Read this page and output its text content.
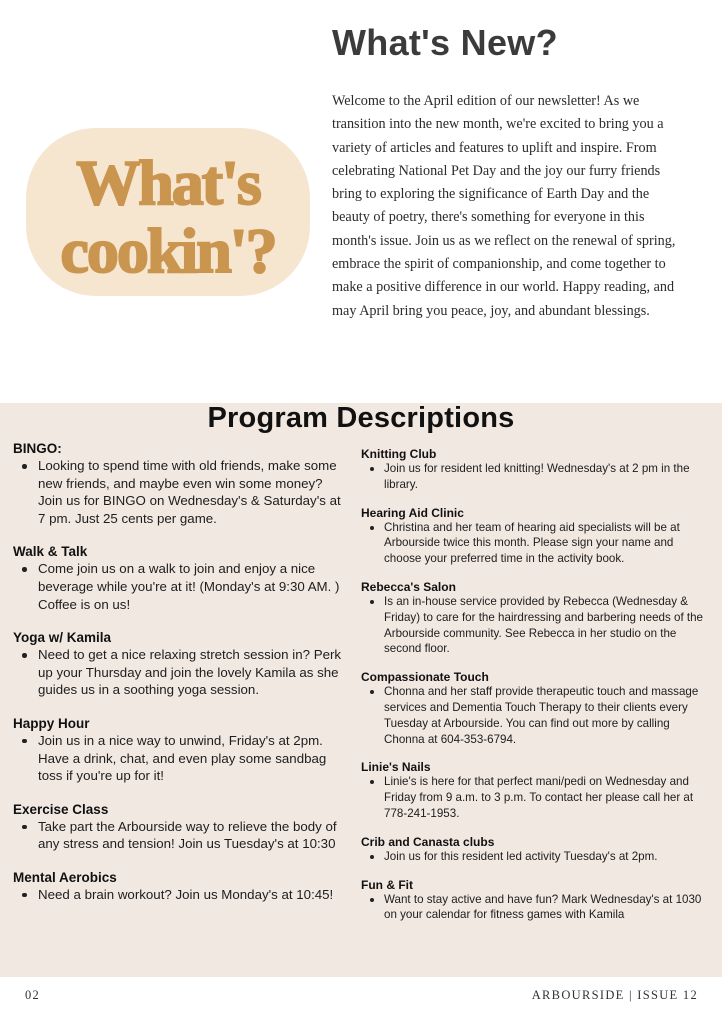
What's
cookin'?
What's New?

Welcome to the April edition of our newsletter! As we transition into the new month, we're excited to bring you a variety of articles and features to uplift and inspire. From celebrating National Pet Day and the joy our furry friends bring to exploring the significance of Earth Day and the beauty of poetry, there's something for everyone in this month's issue. Join us as we reflect on the renewal of spring, embrace the spirit of companionship, and come together to make a positive difference in our world. Happy reading, and may April bring you peace, joy, and abundant blessings.

Program Descriptions
BINGO:
Looking to spend time with old friends, make some new friends, and maybe even win some money? Join us for BINGO on Wednesday's & Saturday's at 7 pm. Just 25 cents per game.
Walk & Talk
Come join us on a walk to join and enjoy a nice beverage while you're at it! (Monday's at 9:30 AM. ) Coffee is on us!
Yoga w/ Kamila
Need to get a nice relaxing stretch session in? Perk up your Thursday and join the lovely Kamila as she guides us in a soothing yoga session.
Happy Hour
Join us in a nice way to unwind, Friday's at 2pm. Have a drink, chat, and even play some sandbag toss if you're up for it!
Exercise Class
Take part the Arbourside way to relieve the body of any stress and tension! Join us Tuesday's at 10:30
Mental Aerobics
Need a brain workout? Join us Monday's at 10:45!
Knitting Club
Join us for resident led knitting! Wednesday's at 2 pm in the library.
Hearing Aid Clinic
Christina and her team of hearing aid specialists will be at Arbourside twice this month. Please sign your name and choose your preferred time in the activity book.
Rebecca's Salon
Is an in-house service provided by Rebecca (Wednesday & Friday) to care for the hairdressing and barbering needs of the Arbourside community. See Rebecca in her studio on the second floor.
Compassionate Touch
Chonna and her staff provide therapeutic touch and massage services and Dementia Touch Therapy to their clients every Tuesday at Arbourside. You can find out more by calling Chonna at 604-353-6794.
Linie's Nails
Linie's is here for that perfect mani/pedi on Wednesday and Friday from 9 a.m. to 3 p.m. To contact her please call her at 778-241-1953.
Crib and Canasta clubs
Join us for this resident led activity Tuesday's at 2pm.
Fun & Fit
Want to stay active and have fun? Mark Wednesday's at 1030 on your calendar for fitness games with Kamila
02	ARBOURSIDE | ISSUE 12
